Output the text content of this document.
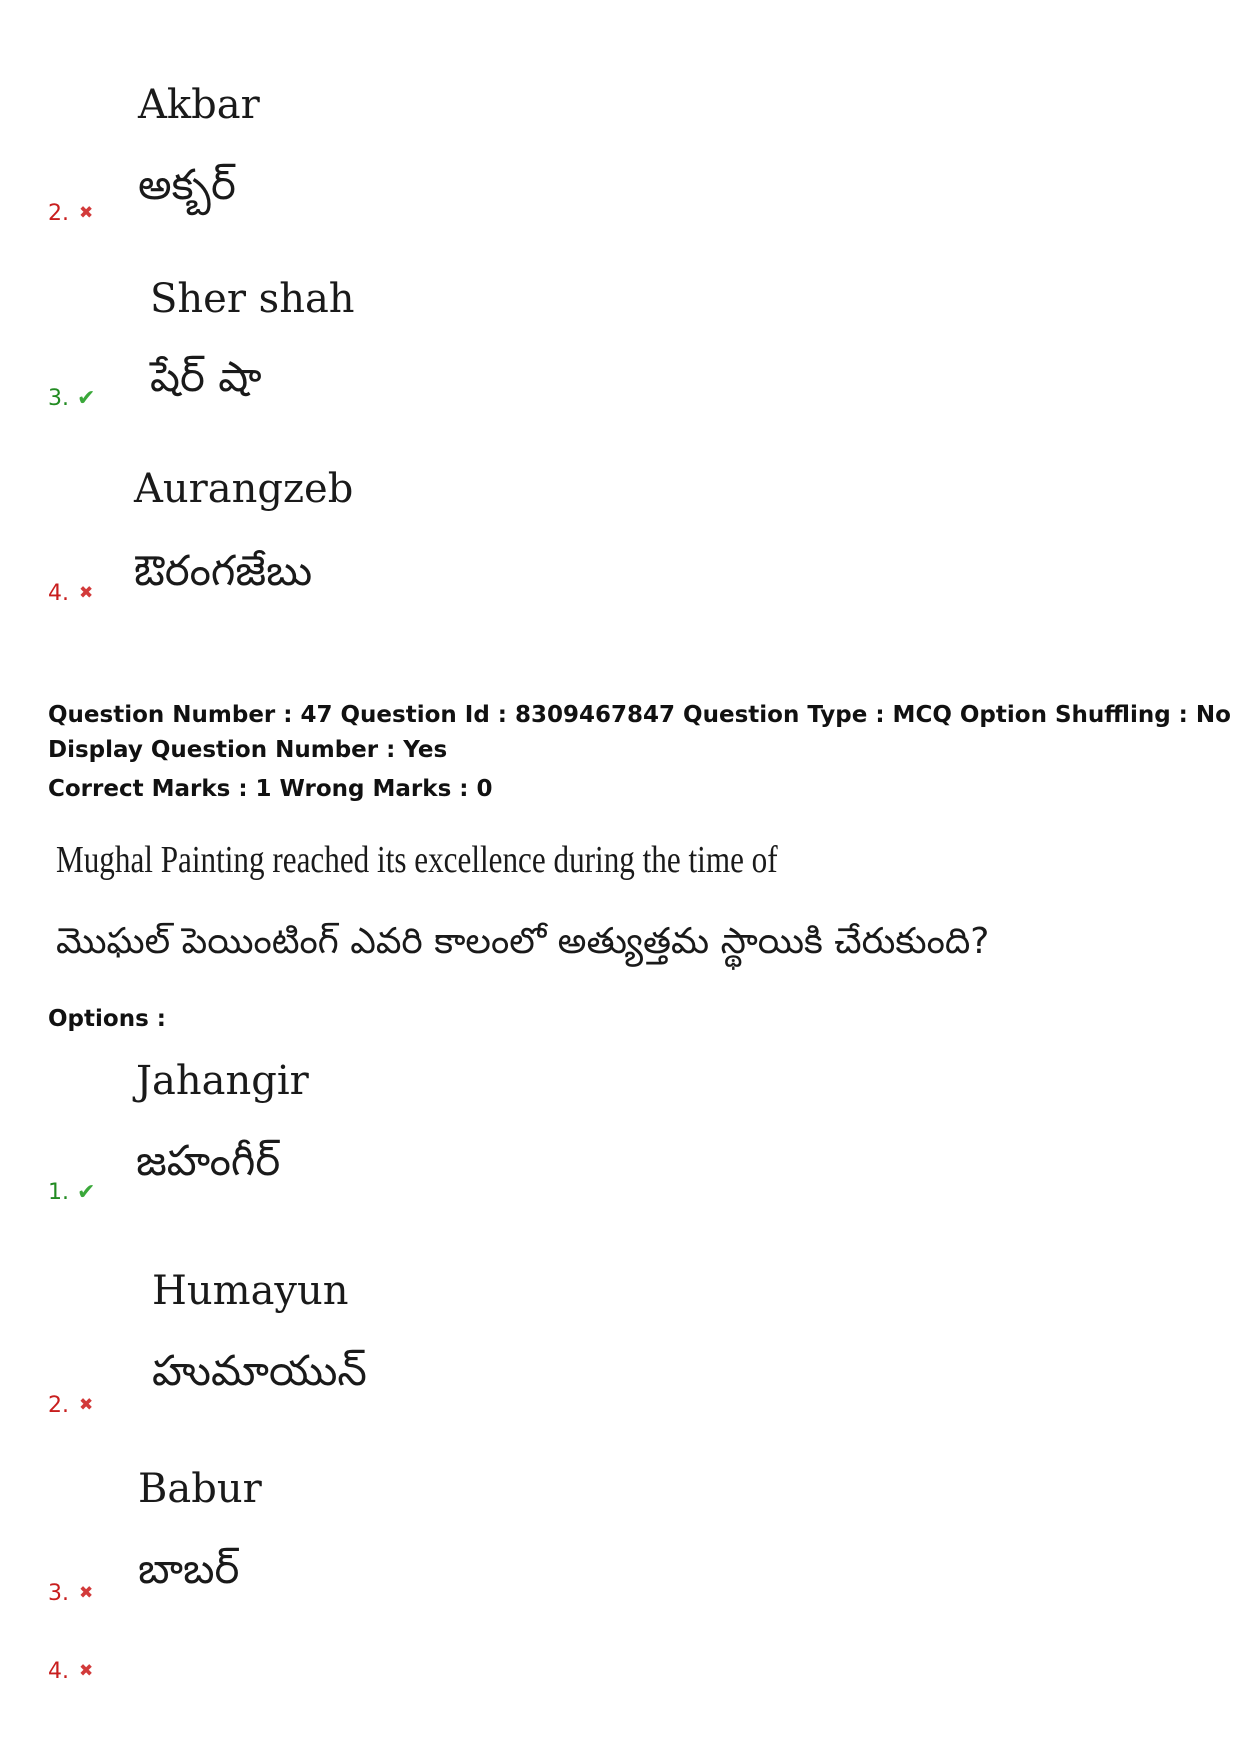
Akbar
అక్బర్
2. ✖
Sher shah
షేర్ షా
3. ✔
Aurangzeb
ఔరంగజేబు
4. ✖
Question Number : 47 Question Id : 8309467847 Question Type : MCQ Option Shuffling : No
Display Question Number : Yes
Correct Marks : 1 Wrong Marks : 0
Mughal Painting reached its excellence during the time of
మొఘల్ పెయింటింగ్ ఎవరి కాలంలో అత్యుత్తమ స్థాయికి చేరుకుంది?
Options :
Jahangir
జహంగీర్
1. ✔
Humayun
హుమాయున్
2. ✖
Babur
బాబర్
3. ✖
4. ✖
